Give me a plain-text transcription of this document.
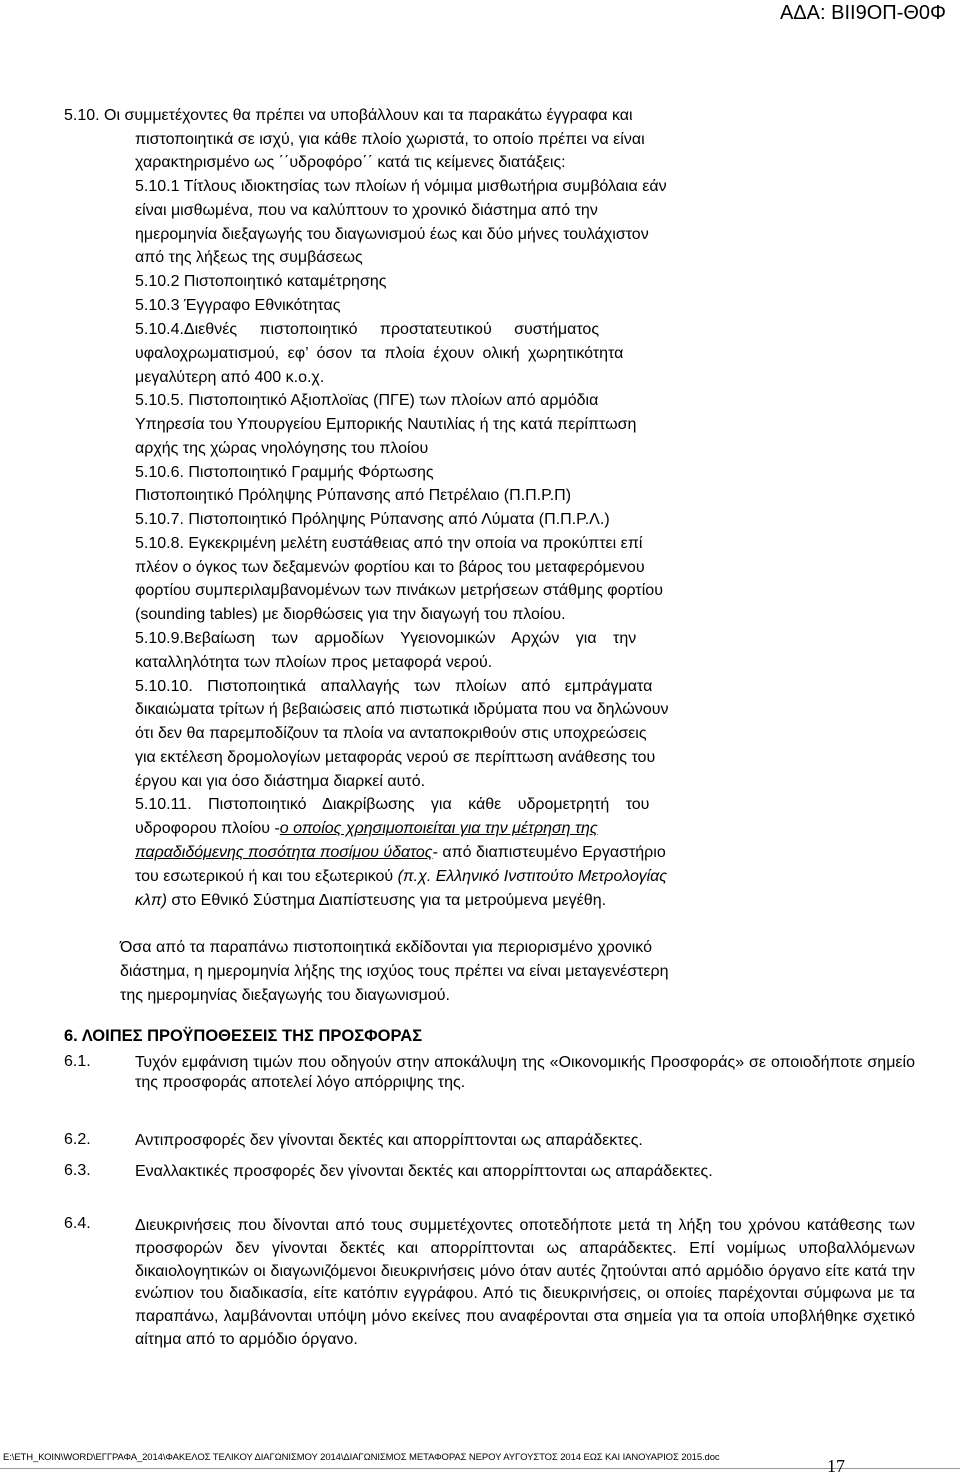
ΑΔΑ: ΒΙΙ9ΟΠ-Θ0Φ
5.10. Οι συμμετέχοντες θα πρέπει να υποβάλλουν και τα παρακάτω έγγραφα και
πιστοποιητικά σε ισχύ, για κάθε πλοίο χωριστά, το οποίο πρέπει να είναι
χαρακτηρισμένο ως ΄΄υδροφόρο΄΄ κατά τις κείμενες διατάξεις:
5.10.1 Τίτλους ιδιοκτησίας των πλοίων ή νόμιμα μισθωτήρια συμβόλαια εάν
είναι μισθωμένα, που να καλύπτουν το χρονικό διάστημα από την
ημερομηνία διεξαγωγής του διαγωνισμού έως και δύο μήνες τουλάχιστον
από της λήξεως της συμβάσεως
5.10.2 Πιστοποιητικό καταμέτρησης
5.10.3 Έγγραφο Εθνικότητας
5.10.4.Διεθνές πιστοποιητικό προστατευτικού συστήματος
υφαλοχρωματισμού, εφ’ όσον τα πλοία έχουν ολική χωρητικότητα
μεγαλύτερη από 400 κ.ο.χ.
5.10.5. Πιστοποιητικό Αξιοπλοϊας (ΠΓΕ) των πλοίων από αρμόδια
Υπηρεσία του Υπουργείου Εμπορικής Ναυτιλίας ή της κατά περίπτωση
αρχής της χώρας νηολόγησης του πλοίου
5.10.6. Πιστοποιητικό Γραμμής Φόρτωσης
Πιστοποιητικό Πρόληψης Ρύπανσης από Πετρέλαιο (Π.Π.Ρ.Π)
5.10.7. Πιστοποιητικό Πρόληψης Ρύπανσης από Λύματα (Π.Π.Ρ.Λ.)
5.10.8. Εγκεκριμένη μελέτη ευστάθειας από την οποία να προκύπτει επί
πλέον ο όγκος των δεξαμενών φορτίου και το βάρος του μεταφερόμενου
φορτίου συμπεριλαμβανομένων των πινάκων μετρήσεων στάθμης φορτίου
(sounding tables) με διορθώσεις για την διαγωγή του πλοίου.
5.10.9.Βεβαίωση των αρμοδίων Υγειονομικών Αρχών για την
καταλληλότητα των πλοίων προς μεταφορά νερού.
5.10.10. Πιστοποιητικά απαλλαγής των πλοίων από εμπράγματα
δικαιώματα τρίτων ή βεβαιώσεις από πιστωτικά ιδρύματα που να δηλώνουν
ότι δεν θα παρεμποδίζουν τα πλοία να ανταποκριθούν στις υποχρεώσεις
για εκτέλεση δρομολογίων μεταφοράς νερού σε περίπτωση ανάθεσης του
έργου και για όσο διάστημα διαρκεί αυτό.
5.10.11. Πιστοποιητικό Διακρίβωσης για κάθε υδρομετρητή του
υδροφορου πλοίου -ο οποίος χρησιμοποιείται για την μέτρηση της
παραδιδόμενης ποσότητα ποσίμου ύδατος- από διαπιστευμένο Εργαστήριο
του εσωτερικού ή και του εξωτερικού (π.χ. Ελληνικό Ινστιτούτο Μετρολογίας
κλπ) στο Εθνικό Σύστημα Διαπίστευσης για τα μετρούμενα μεγέθη.
Όσα από τα παραπάνω πιστοποιητικά εκδίδονται για περιορισμένο χρονικό
διάστημα, η ημερομηνία λήξης της ισχύος τους πρέπει να είναι μεταγενέστερη
της ημερομηνίας διεξαγωγής του διαγωνισμού.
6. ΛΟΙΠΕΣ ΠΡΟΫΠΟΘΕΣΕΙΣ ΤΗΣ ΠΡΟΣΦΟΡΑΣ
6.1.	Τυχόν εμφάνιση τιμών που οδηγούν στην αποκάλυψη της «Οικονομικής Προσφοράς» σε οποιοδήποτε σημείο της προσφοράς αποτελεί λόγο απόρριψης της.
6.2.	Αντιπροσφορές δεν γίνονται δεκτές και απορρίπτονται ως απαράδεκτες.
6.3.	Εναλλακτικές προσφορές δεν γίνονται δεκτές και απορρίπτονται ως απαράδεκτες.
6.4.	Διευκρινήσεις που δίνονται από τους συμμετέχοντες οποτεδήποτε μετά τη λήξη του χρόνου κατάθεσης των προσφορών δεν γίνονται δεκτές και απορρίπτονται ως απαράδεκτες. Επί νομίμως υποβαλλόμενων δικαιολογητικών οι διαγωνιζόμενοι διευκρινήσεις μόνο όταν αυτές ζητούνται από αρμόδιο όργανο είτε κατά την ενώπιον του διαδικασία, είτε κατόπιν εγγράφου. Από τις διευκρινήσεις, οι οποίες παρέχονται σύμφωνα με τα παραπάνω, λαμβάνονται υπόψη μόνο εκείνες που αναφέρονται στα σημεία για τα οποία υποβλήθηκε σχετικό αίτημα από το αρμόδιο όργανο.
E:\ΕΤΗ_ΚΟΙΝ\WORD\ΕΓΓΡΑΦΑ_2014\ΦΑΚΕΛΟΣ ΤΕΛΙΚΟΥ ΔΙΑΓΩΝΙΣΜΟΥ 2014\ΔΙΑΓΩΝΙΣΜΟΣ ΜΕΤΑΦΟΡΑΣ ΝΕΡΟΥ ΑΥΓΟΥΣΤΟΣ 2014 ΕΩΣ ΚΑΙ ΙΑΝΟΥΑΡΙΟΣ 2015.doc	17
